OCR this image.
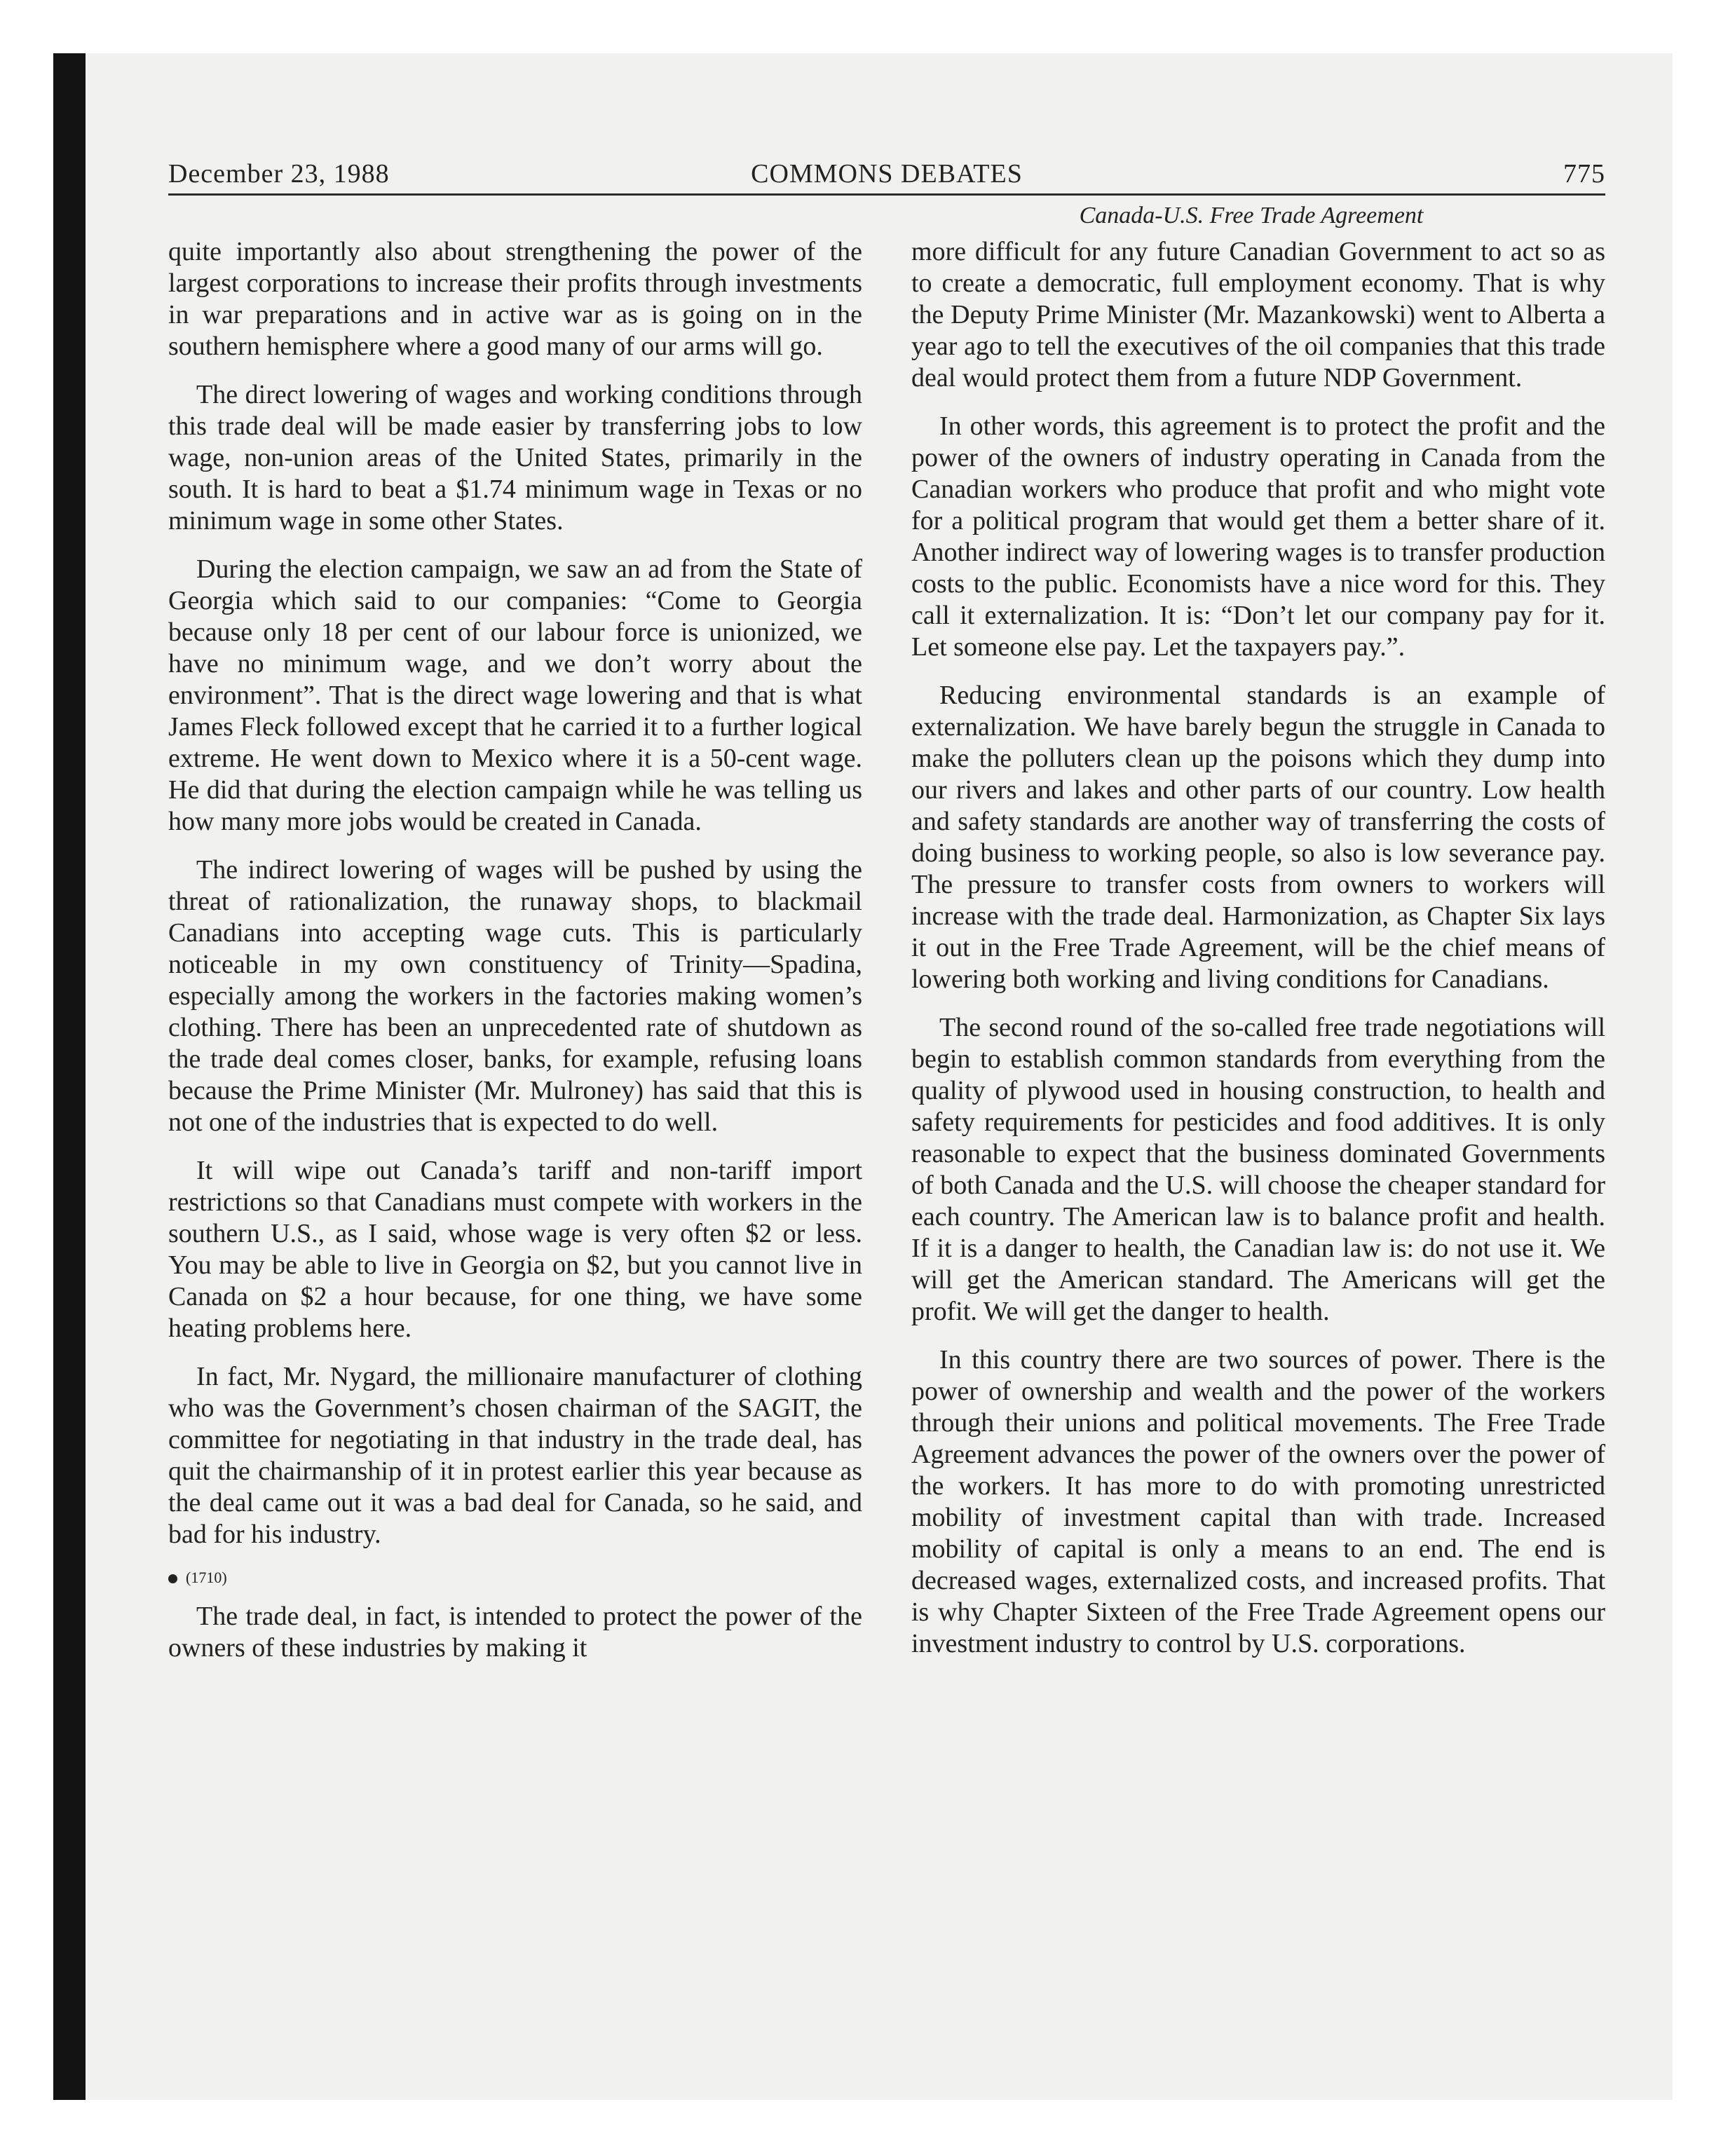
December 23, 1988	COMMONS DEBATES	775
Canada-U.S. Free Trade Agreement

quite importantly also about strengthening the power of the largest corporations to increase their profits through investments in war preparations and in active war as is going on in the southern hemisphere where a good many of our arms will go.

The direct lowering of wages and working conditions through this trade deal will be made easier by transferring jobs to low wage, non-union areas of the United States, primarily in the south. It is hard to beat a $1.74 minimum wage in Texas or no minimum wage in some other States.

During the election campaign, we saw an ad from the State of Georgia which said to our companies: “Come to Georgia because only 18 per cent of our labour force is unionized, we have no minimum wage, and we don’t worry about the environment”. That is the direct wage lowering and that is what James Fleck followed except that he carried it to a further logical extreme. He went down to Mexico where it is a 50-cent wage. He did that during the election campaign while he was telling us how many more jobs would be created in Canada.

The indirect lowering of wages will be pushed by using the threat of rationalization, the runaway shops, to blackmail Canadians into accepting wage cuts. This is particularly noticeable in my own constituency of Trinity—Spadina, especially among the workers in the factories making women’s clothing. There has been an unprecedented rate of shutdown as the trade deal comes closer, banks, for example, refusing loans because the Prime Minister (Mr. Mulroney) has said that this is not one of the industries that is expected to do well.

It will wipe out Canada’s tariff and non-tariff import restrictions so that Canadians must compete with workers in the southern U.S., as I said, whose wage is very often $2 or less. You may be able to live in Georgia on $2, but you cannot live in Canada on $2 a hour because, for one thing, we have some heating problems here.

In fact, Mr. Nygard, the millionaire manufacturer of clothing who was the Government’s chosen chairman of the SAGIT, the committee for negotiating in that industry in the trade deal, has quit the chairmanship of it in protest earlier this year because as the deal came out it was a bad deal for Canada, so he said, and bad for his industry.

(1710)

The trade deal, in fact, is intended to protect the power of the owners of these industries by making it

more difficult for any future Canadian Government to act so as to create a democratic, full employment economy. That is why the Deputy Prime Minister (Mr. Mazankowski) went to Alberta a year ago to tell the executives of the oil companies that this trade deal would protect them from a future NDP Government.

In other words, this agreement is to protect the profit and the power of the owners of industry operating in Canada from the Canadian workers who produce that profit and who might vote for a political program that would get them a better share of it. Another indirect way of lowering wages is to transfer production costs to the public. Economists have a nice word for this. They call it externalization. It is: “Don’t let our company pay for it. Let someone else pay. Let the taxpayers pay.”.

Reducing environmental standards is an example of externalization. We have barely begun the struggle in Canada to make the polluters clean up the poisons which they dump into our rivers and lakes and other parts of our country. Low health and safety standards are another way of transferring the costs of doing business to working people, so also is low severance pay. The pressure to transfer costs from owners to workers will increase with the trade deal. Harmonization, as Chapter Six lays it out in the Free Trade Agreement, will be the chief means of lowering both working and living conditions for Canadians.

The second round of the so-called free trade negotiations will begin to establish common standards from everything from the quality of plywood used in housing construction, to health and safety requirements for pesticides and food additives. It is only reasonable to expect that the business dominated Governments of both Canada and the U.S. will choose the cheaper standard for each country. The American law is to balance profit and health. If it is a danger to health, the Canadian law is: do not use it. We will get the American standard. The Americans will get the profit. We will get the danger to health.

In this country there are two sources of power. There is the power of ownership and wealth and the power of the workers through their unions and political movements. The Free Trade Agreement advances the power of the owners over the power of the workers. It has more to do with promoting unrestricted mobility of investment capital than with trade. Increased mobility of capital is only a means to an end. The end is decreased wages, externalized costs, and increased profits. That is why Chapter Sixteen of the Free Trade Agreement opens our investment industry to control by U.S. corporations.
